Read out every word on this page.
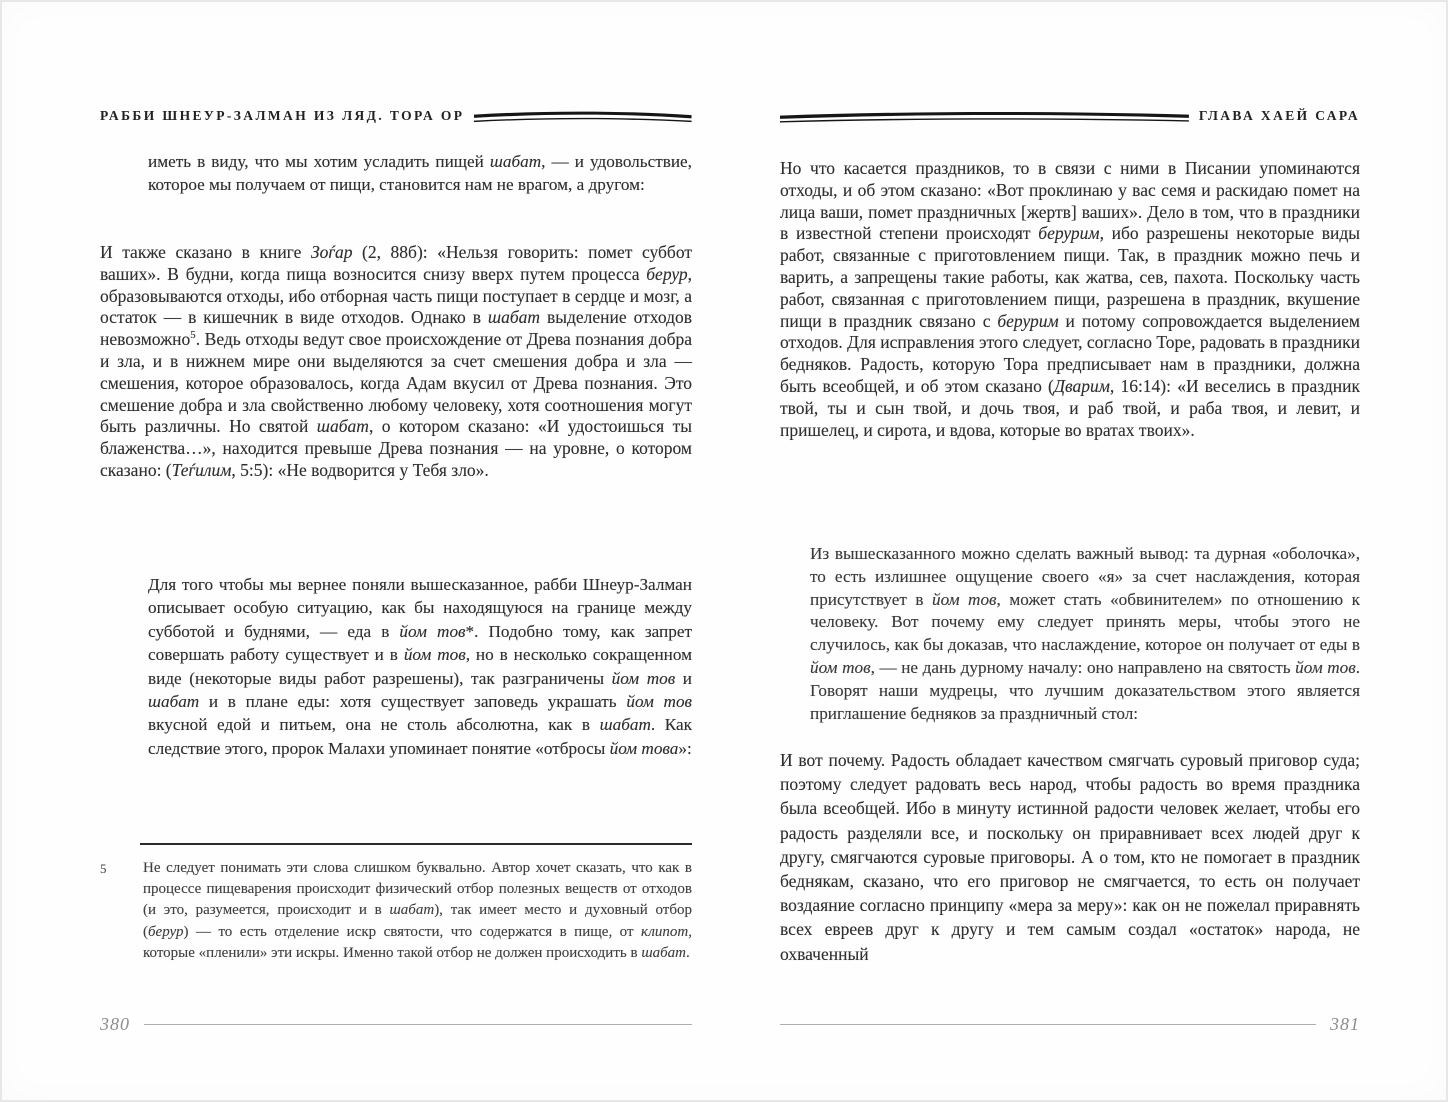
РАББИ ШНЕУР-ЗАЛМАН ИЗ ЛЯД. ТОРА ОР
иметь в виду, что мы хотим усладить пищей шабат, — и удовольствие, которое мы получаем от пищи, становится нам не врагом, а другом:
И также сказано в книге Зоѓар (2, 88б): «Нельзя говорить: помет суббот ваших». В будни, когда пища возносится снизу вверх путем процесса берур, образовываются отходы, ибо отборная часть пищи поступает в сердце и мозг, а остаток — в кишечник в виде отходов. Однако в шабат выделение отходов невозможно$^5$. Ведь отходы ведут свое происхождение от Древа познания добра и зла, и в нижнем мире они выделяются за счет смешения добра и зла — смешения, которое образовалось, когда Адам вкусил от Древа познания. Это смешение добра и зла свойственно любому человеку, хотя соотношения могут быть различны. Но святой шабат, о котором сказано: «И удостоишься ты блаженства…», находится превыше Древа познания — на уровне, о котором сказано: (Теѓилим, 5:5): «Не водворится у Тебя зло».
Для того чтобы мы вернее поняли вышесказанное, рабби Шнеур-Залман описывает особую ситуацию, как бы находящуюся на границе между субботой и буднями, — еда в йом тов*. Подобно тому, как запрет совершать работу существует и в йом тов, но в несколько сокращенном виде (некоторые виды работ разрешены), так разграничены йом тов и шабат и в плане еды: хотя существует заповедь украшать йом тов вкусной едой и питьем, она не столь абсолютна, как в шабат. Как следствие этого, пророк Малахи упоминает понятие «отбросы йом това»:
5	Не следует понимать эти слова слишком буквально. Автор хочет сказать, что как в процессе пищеварения происходит физический отбор полезных веществ от отходов (и это, разумеется, происходит и в шабат), так имеет место и духовный отбор (берур) — то есть отделение искр святости, что содержатся в пище, от клипот, которые «пленили» эти искры. Именно такой отбор не должен происходить в шабат.
380
ГЛАВА ХАЕЙ САРА
Но что касается праздников, то в связи с ними в Писании упоминаются отходы, и об этом сказано: «Вот проклинаю у вас семя и раскидаю помет на лица ваши, помет праздничных [жертв] ваших». Дело в том, что в праздники в известной степени происходят берурим, ибо разрешены некоторые виды работ, связанные с приготовлением пищи. Так, в праздник можно печь и варить, а запрещены такие работы, как жатва, сев, пахота. Поскольку часть работ, связанная с приготовлением пищи, разрешена в праздник, вкушение пищи в праздник связано с берурим и потому сопровождается выделением отходов. Для исправления этого следует, согласно Торе, радовать в праздники бедняков. Радость, которую Тора предписывает нам в праздники, должна быть всеобщей, и об этом сказано (Дварим, 16:14): «И веселись в праздник твой, ты и сын твой, и дочь твоя, и раб твой, и раба твоя, и левит, и пришелец, и сирота, и вдова, которые во вратах твоих».
Из вышесказанного можно сделать важный вывод: та дурная «оболочка», то есть излишнее ощущение своего «я» за счет наслаждения, которая присутствует в йом тов, может стать «обвинителем» по отношению к человеку. Вот почему ему следует принять меры, чтобы этого не случилось, как бы доказав, что наслаждение, которое он получает от еды в йом тов, — не дань дурному началу: оно направлено на святость йом тов. Говорят наши мудрецы, что лучшим доказательством этого является приглашение бедняков за праздничный стол:
И вот почему. Радость обладает качеством смягчать суровый приговор суда; поэтому следует радовать весь народ, чтобы радость во время праздника была всеобщей. Ибо в минуту истинной радости человек желает, чтобы его радость разделяли все, и поскольку он приравнивает всех людей друг к другу, смягчаются суровые приговоры. А о том, кто не помогает в праздник беднякам, сказано, что его приговор не смягчается, то есть он получает воздаяние согласно принципу «мера за меру»: как он не пожелал приравнять всех евреев друг к другу и тем самым создал «остаток» народа, не охваченный
381
